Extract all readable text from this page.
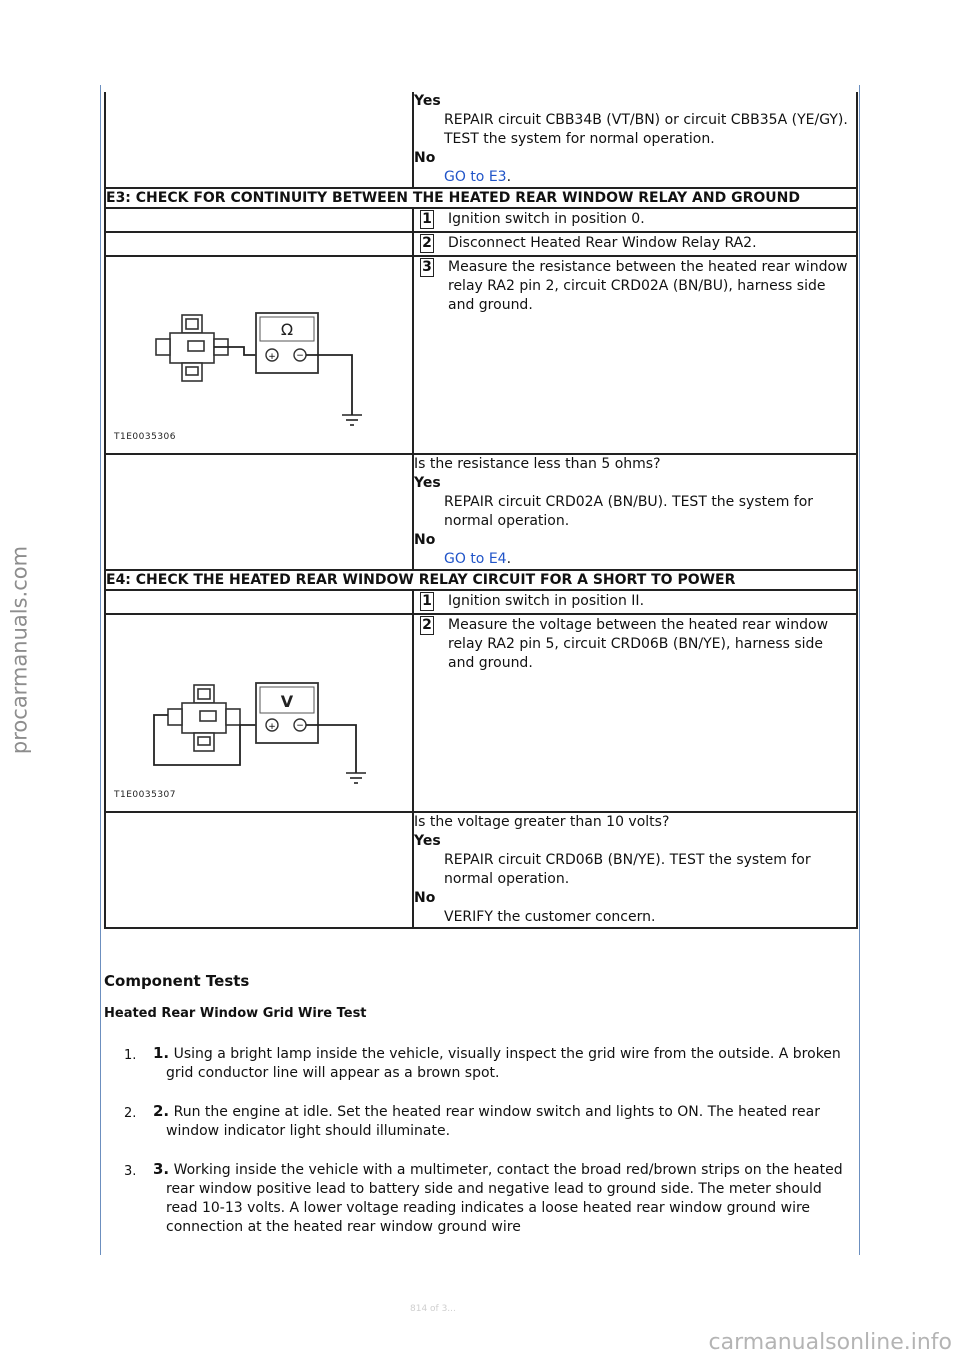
procarmanuals.com

	Yes
REPAIR circuit CBB34B (VT/BN) or circuit CBB35A (YE/GY). TEST the system for normal operation.
No
GO to E3.

E3: CHECK FOR CONTINUITY BETWEEN THE HEATED REAR WINDOW RELAY AND GROUND	

	1 Ignition switch in position 0.

	2 Disconnect Heated Rear Window Relay RA2.

Ω
+ −
T1E0035306	3 Measure the resistance between the heated rear window relay RA2 pin 2, circuit CRD02A (BN/BU), harness side and ground.

	Is the resistance less than 5 ohms?
Yes
REPAIR circuit CRD02A (BN/BU). TEST the system for normal operation.
No
GO to E4.

E4: CHECK THE HEATED REAR WINDOW RELAY CIRCUIT FOR A SHORT TO POWER	

	1 Ignition switch in position II.

V
+ −
T1E0035307	2 Measure the voltage between the heated rear window relay RA2 pin 5, circuit CRD06B (BN/YE), harness side and ground.

	Is the voltage greater than 10 volts?
Yes
REPAIR circuit CRD06B (BN/YE). TEST the system for normal operation.
No
VERIFY the customer concern.
Component Tests
Heated Rear Window Grid Wire Test
1. 1. Using a bright lamp inside the vehicle, visually inspect the grid wire from the outside. A broken grid conductor line will appear as a brown spot.
2. 2. Run the engine at idle. Set the heated rear window switch and lights to ON. The heated rear window indicator light should illuminate.
3. 3. Working inside the vehicle with a multimeter, contact the broad red/brown strips on the heated rear window positive lead to battery side and negative lead to ground side. The meter should read 10-13 volts. A lower voltage reading indicates a loose heated rear window ground wire connection at the heated rear window ground wire
814 of 3...
carmanualsonline.info
